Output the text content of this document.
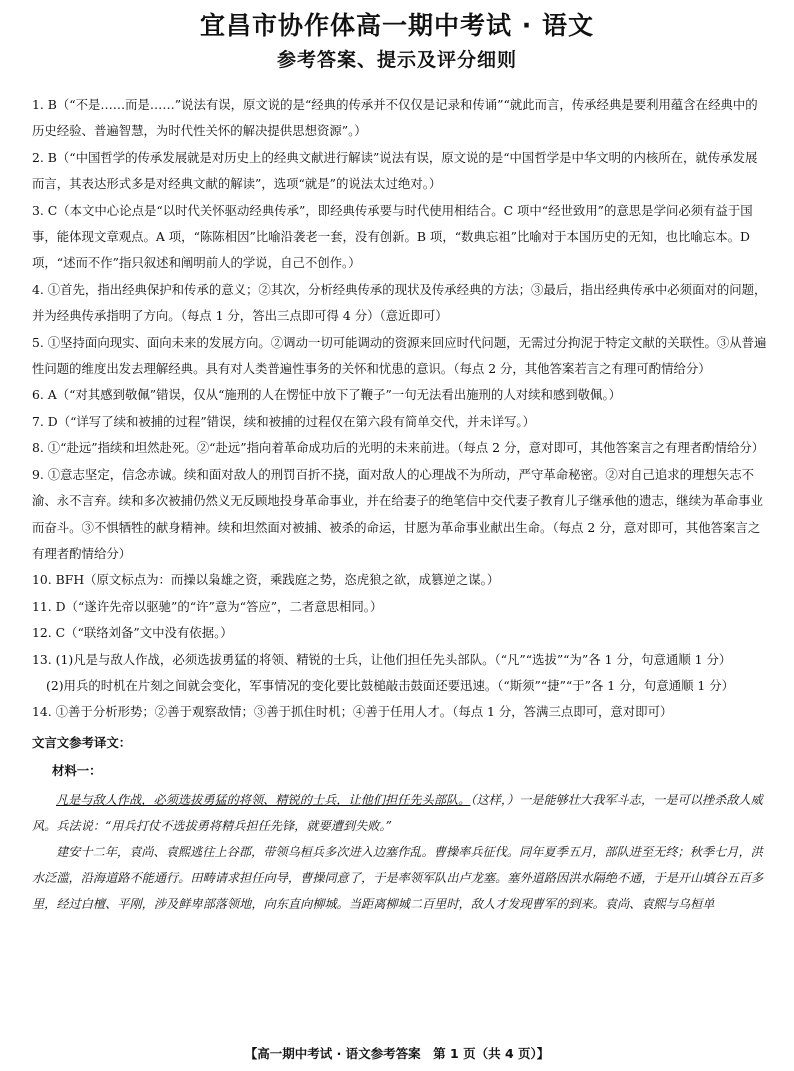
宜昌市协作体高一期中考试 · 语文
参考答案、提示及评分细则

1. B（“不是……而是……”说法有误，原文说的是“经典的传承并不仅仅是记录和传诵”“就此而言，传承经典是要利用蕴含在经典中的历史经验、普遍智慧，为时代性关怀的解决提供思想资源”。）

2. B（“中国哲学的传承发展就是对历史上的经典文献进行解读”说法有误，原文说的是“中国哲学是中华文明的内核所在，就传承发展而言，其表达形式多是对经典文献的解读”，选项“就是”的说法太过绝对。）

3. C（本文中心论点是“以时代关怀驱动经典传承”，即经典传承要与时代使用相结合。C 项中“经世致用”的意思是学问必须有益于国事，能体现文章观点。A 项，“陈陈相因”比喻沿袭老一套，没有创新。B 项，“数典忘祖”比喻对于本国历史的无知，也比喻忘本。D 项，“述而不作”指只叙述和阐明前人的学说，自己不创作。）

4. ①首先，指出经典保护和传承的意义；②其次，分析经典传承的现状及传承经典的方法；③最后，指出经典传承中必须面对的问题，并为经典传承指明了方向。（每点 1 分，答出三点即可得 4 分）（意近即可）

5. ①坚持面向现实、面向未来的发展方向。②调动一切可能调动的资源来回应时代问题，无需过分拘泥于特定文献的关联性。③从普遍性问题的维度出发去理解经典。具有对人类普遍性事务的关怀和忧患的意识。（每点 2 分，其他答案若言之有理可酌情给分）

6. A（“对其感到敬佩”错误，仅从“施刑的人在愣怔中放下了鞭子”一句无法看出施刑的人对续和感到敬佩。）

7. D（“详写了续和被捕的过程”错误，续和被捕的过程仅在第六段有简单交代，并未详写。）

8. ①“赴远”指续和坦然赴死。②“赴远”指向着革命成功后的光明的未来前进。（每点 2 分，意对即可，其他答案言之有理者酌情给分）

9. ①意志坚定，信念赤诚。续和面对敌人的刑罚百折不挠，面对敌人的心理战不为所动，严守革命秘密。②对自己追求的理想矢志不渝、永不言弃。续和多次被捕仍然义无反顾地投身革命事业，并在给妻子的绝笔信中交代妻子教育儿子继承他的遗志，继续为革命事业而奋斗。③不惧牺牲的献身精神。续和坦然面对被捕、被杀的命运，甘愿为革命事业献出生命。（每点 2 分，意对即可，其他答案言之有理者酌情给分）

10. BFH（原文标点为：而操以枭雄之资，乘践庭之势，恣虎狼之欲，成篡逆之谋。）

11. D（“遂许先帝以驱驰”的“许”意为“答应”，二者意思相同。）

12. C（“联络刘备”文中没有依据。）

13. (1)凡是与敌人作战，必须选拔勇猛的将领、精锐的士兵，让他们担任先头部队。（“凡”“选拔”“为”各 1 分，句意通顺 1 分）

(2)用兵的时机在片刻之间就会变化，军事情况的变化要比鼓槌敲击鼓面还要迅速。（“斯须”“捷”“于”各 1 分，句意通顺 1 分）

14. ①善于分析形势；②善于观察敌情；③善于抓住时机；④善于任用人才。（每点 1 分，答满三点即可，意对即可）

文言文参考译文：

材料一：

凡是与敌人作战，必须选拔勇猛的将领、精锐的士兵，让他们担任先头部队。（这样，）一是能够壮大我军斗志，一是可以挫杀敌人威风。兵法说：“用兵打仗不选拔勇将精兵担任先锋，就要遭到失败。”

建安十二年，袁尚、袁熙逃往上谷郡，带领乌桓兵多次进入边塞作乱。曹操率兵征伐。同年夏季五月，部队进至无终；秋季七月，洪水泛滥，沿海道路不能通行。田畴请求担任向导，曹操同意了，于是率领军队出卢龙塞。塞外道路因洪水隔绝不通，于是开山填谷五百多里，经过白檀、平刚，涉及鲜卑部落领地，向东直向柳城。当距离柳城二百里时，敌人才发现曹军的到来。袁尚、袁熙与乌桓单

【高一期中考试 · 语文参考答案　第 1 页（共 4 页）】
